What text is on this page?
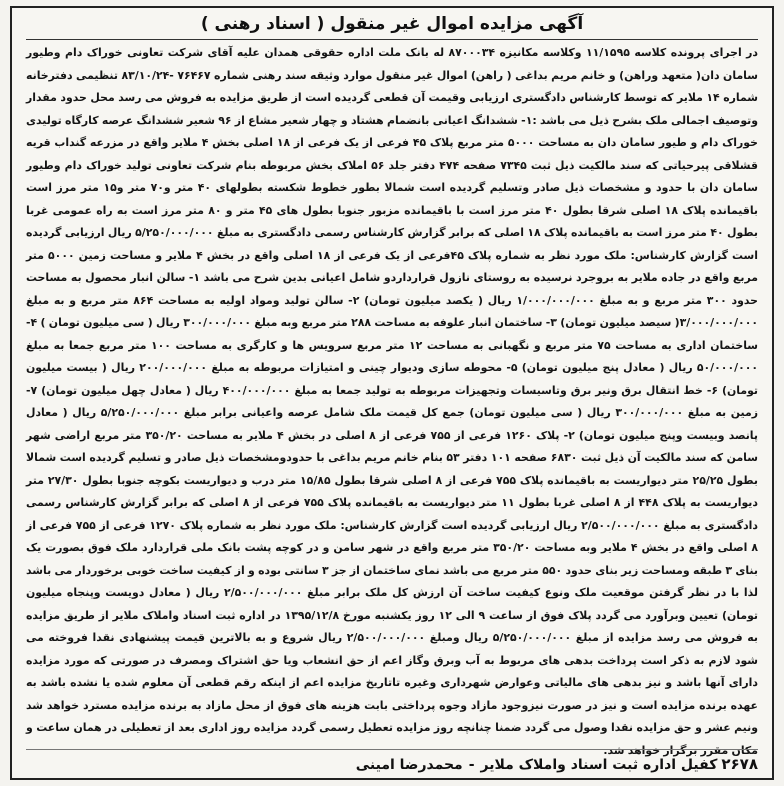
آگهی مزایده اموال غیر منقول ( اسناد رهنی )
در اجرای پرونده کلاسه ۱۱/۱۵۹۵ وکلاسه مکانیزه ۸۷۰۰۰۳۴ له بانک ملت اداره حقوقی همدان علیه آقای شرکت تعاونی خوراک دام وطیور سامان دان( متعهد وراهن) و خانم مریم بداغی ( راهن) اموال غیر منقول موارد وثیقه سند رهنی شماره ۷۶۴۶۷ -۸۳/۱۰/۲۴ تنظیمی دفترخانه شماره ۱۴ ملایر که توسط کارشناس دادگستری ارزیابی وقیمت آن قطعی گردیده است از طریق مزایده به فروش می رسد محل حدود مقدار وتوصیف اجمالی ملک بشرح ذیل می باشد :۱- ششدانگ اعیانی بانضمام هشتاد و چهار شعیر مشاع از ۹۶ شعیر ششدانگ عرصه کارگاه تولیدی خوراک دام و طیور سامان دان به مساحت ۵۰۰۰ متر مربع پلاک ۴۵ فرعی از یک فرعی از ۱۸ اصلی بخش ۴ ملایر واقع در مزرعه گنداب قریه قشلاقی پیرحیاتی که سند مالکیت ذیل ثبت ۷۳۴۵ صفحه ۴۷۴ دفتر جلد ۵۶ املاک بخش مربوطه بنام شرکت تعاونی تولید خوراک دام وطیور سامان دان با حدود و مشخصات ذیل صادر وتسلیم گردیده است شمالا بطور خطوط شکسته بطولهای ۴۰ متر و۷۰ متر و۱۵ متر مرز است باقیمانده پلاک ۱۸ اصلی شرقا بطول ۴۰ متر مرز است با باقیمانده مزبور جنوبا بطول های ۴۵ متر و ۸۰ متر مرز است به راه عمومی غربا بطول ۴۰ متر مرز است به باقیمانده پلاک ۱۸ اصلی که برابر گزارش کارشناس رسمی دادگستری به مبلغ ۵/۲۵۰/۰۰۰/۰۰۰ ریال ارزیابی گردیده است گزارش کارشناس: ملک مورد نظر به شماره پلاک ۴۵فرعی از یک فرعی از ۱۸ اصلی واقع در بخش ۴ ملایر و مساحت زمین ۵۰۰۰ متر مربع واقع در جاده ملایر به بروجرد نرسیده به روستای نازول قرارداردو شامل اعیانی بدین شرح می باشد ۱- سالن انبار محصول به مساحت حدود ۳۰۰ متر مربع و به مبلغ ۱/۰۰۰/۰۰۰/۰۰۰ ریال ( یکصد میلیون تومان) ۲- سالن تولید ومواد اولیه به مساحت ۸۶۴ متر مربع و به مبلغ ۳/۰۰۰/۰۰۰/۰۰۰( سیصد میلیون تومان) ۳- ساختمان انبار علوفه به مساحت ۲۸۸ متر مربع وبه مبلغ ۳۰۰/۰۰۰/۰۰۰ ریال ( سی میلیون تومان ) ۴- ساختمان اداری به مساحت ۷۵ متر مربع و نگهبانی به مساحت ۱۲ متر مربع سرویس ها و کارگری به مساحت ۱۰۰ متر مربع جمعا به مبلغ ۵۰/۰۰۰/۰۰۰ ریال ( معادل پنج میلیون تومان) ۵- محوطه سازی ودیوار چینی و امتیازات مربوطه به مبلغ ۲۰۰/۰۰۰/۰۰۰ ریال ( بیست میلیون تومان) ۶- خط انتقال برق ونیر برق وتاسیسات وتجهیزات مربوطه به تولید جمعا به مبلغ ۴۰۰/۰۰۰/۰۰۰ ریال ( معادل چهل میلیون تومان) ۷- زمین به مبلغ ۳۰۰/۰۰۰/۰۰۰ ریال ( سی میلیون تومان) جمع کل قیمت ملک شامل عرصه واعیانی برابر مبلغ ۵/۲۵۰/۰۰۰/۰۰۰ ریال ( معادل پانصد وبیست وپنج میلیون تومان) ۲- پلاک ۱۲۶۰ فرعی از ۷۵۵ فرعی از ۸ اصلی در بخش ۴ ملایر به مساحت ۳۵۰/۲۰ متر مربع اراضی شهر سامن که سند مالکیت آن ذیل ثبت ۶۸۳۰ صفحه ۱۰۱ دفتر ۵۳ بنام خانم مریم بداغی با حدودومشخصات ذیل صادر و تسلیم گردیده است شمالا بطول ۲۵/۲۵ متر دیواریست به باقیمانده پلاک ۷۵۵ فرعی از ۸ اصلی شرقا بطول ۱۵/۸۵ متر درب و دیواریست بکوچه جنوبا بطول ۲۷/۳۰ متر دیواریست به پلاک ۴۴۸ از ۸ اصلی غربا بطول ۱۱ متر دیواریست به باقیمانده پلاک ۷۵۵ فرعی از ۸ اصلی که برابر گزارش کارشناس رسمی دادگستری به مبلغ ۲/۵۰۰/۰۰۰/۰۰۰ ریال ارزیابی گردیده است گزارش کارشناس: ملک مورد نظر به شماره پلاک ۱۲۷۰ فرعی از ۷۵۵ فرعی از ۸ اصلی واقع در بخش ۴ ملایر وبه مساحت ۳۵۰/۲۰ متر مربع واقع در شهر سامن و در کوچه پشت بانک ملی قراردارد ملک فوق بصورت یک بنای ۳ طبقه ومساحت زیر بنای حدود ۵۵۰ متر مربع می باشد نمای ساختمان از جز ۳ سانتی بوده و از کیفیت ساخت خوبی برخوردار می باشد لذا با در نظر گرفتن موقعیت ملک ونوع کیفیت ساخت آن ارزش کل ملک برابر مبلغ ۲/۵۰۰/۰۰۰/۰۰۰ ریال ( معادل دویست وپنجاه میلیون تومان) تعیین وبرآورد می گردد پلاک فوق از ساعت ۹ الی ۱۲ روز یکشنبه مورخ ۱۳۹۵/۱۲/۸ در اداره ثبت اسناد واملاک ملایر از طریق مزایده به فروش می رسد مزایده از مبلغ ۵/۲۵۰/۰۰۰/۰۰۰ ریال ومبلغ ۲/۵۰۰/۰۰۰/۰۰۰ ریال شروع و به بالاترین قیمت پیشنهادی نقدا فروخته می شود لازم به ذکر است پرداخت بدهی های مربوط به آب وبرق وگاز اعم از حق انشعاب ویا حق اشتراک ومصرف در صورتی که مورد مزایده دارای آنها باشد و نیز بدهی های مالیاتی وعوارض شهرداری وغیره تاتاریخ مزایده اعم از اینکه رقم قطعی آن معلوم شده یا نشده باشد به عهده برنده مزایده است و نیز در صورت نیزوجود مازاد وجوه پرداختی بابت هزینه های فوق از محل مازاد به برنده مزایده مسترد خواهد شد ونیم عشر و حق مزایده نقدا وصول می گردد ضمنا چنانچه روز مزایده تعطیل رسمی گردد مزایده روز اداری بعد از تعطیلی در همان ساعت و مکان مقرر برگزار خواهد شد.
۲۶۷۸کفیل اداره ثبت اسناد واملاک ملایر-محمدرضا امینی
